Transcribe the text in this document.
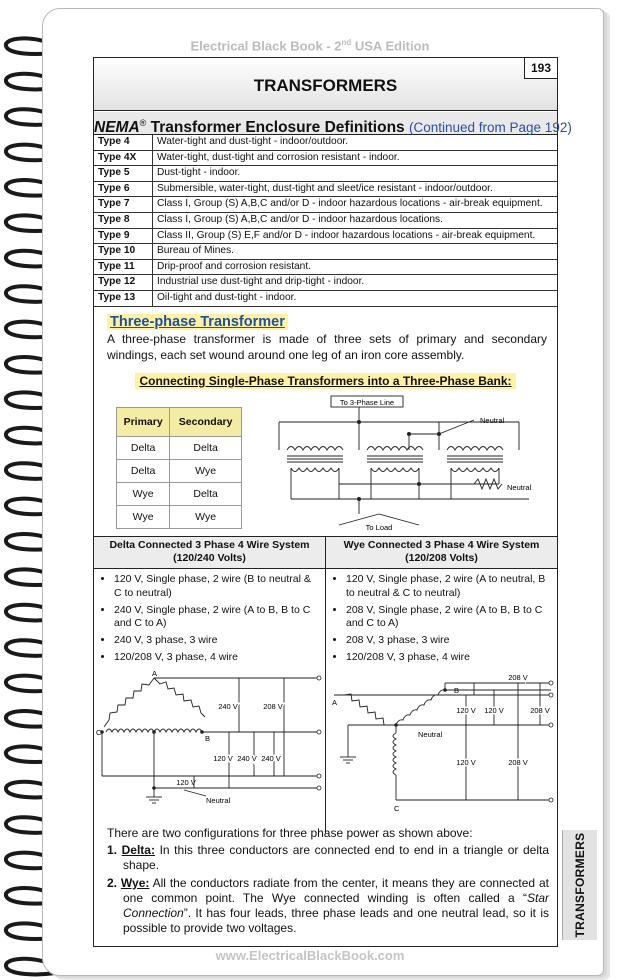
Electrical Black Book - 2nd USA Edition
TRANSFORMERS
TRANSFORMERS
193
NEMA® Transformer Enclosure Definitions (Continued from Page 192)
Type 4	Water-tight and dust-tight - indoor/outdoor.
Type 4X	Water-tight, dust-tight and corrosion resistant - indoor.
Type 5	Dust-tight - indoor.
Type 6	Submersible, water-tight, dust-tight and sleet/ice resistant - indoor/outdoor.
Type 7	Class I, Group (S) A,B,C and/or D - indoor hazardous locations - air-break equipment.
Type 8	Class I, Group (S) A,B,C and/or D - indoor hazardous locations.
Type 9	Class II, Group (S) E,F and/or D - indoor hazardous locations - air-break equipment.
Type 10	Bureau of Mines.
Type 11	Drip-proof and corrosion resistant.
Type 12	Industrial use dust-tight and drip-tight - indoor.
Type 13	Oil-tight and dust-tight - indoor.
Three-phase Transformer
A three-phase transformer is made of three sets of primary and secondary windings, each set wound around one leg of an iron core assembly.
Connecting Single-Phase Transformers into a Three-Phase Bank:
Primary	Secondary
Delta	Delta
Delta	Wye
Wye	Delta
Wye	Wye
To 3-Phase Line
Neutral
Neutral
To Load
Delta Connected 3 Phase 4 Wire System
(120/240 Volts)
• 120 V, Single phase, 2 wire (B to neutral & C to neutral)
• 240 V, Single phase, 2 wire (A to B, B to C and C to A)
• 240 V, 3 phase, 3 wire
• 120/208 V, 3 phase, 4 wire
A
B
C
240 V	208 V
120 V 240 V 240 V
120 V
Neutral
Wye Connected 3 Phase 4 Wire System
(120/208 Volts)
• 120 V, Single phase, 2 wire (A to neutral, B to neutral & C to neutral)
• 208 V, Single phase, 2 wire (A to B, B to C and C to A)
• 208 V, 3 phase, 3 wire
• 120/208 V, 3 phase, 4 wire
A
B
C
208 V
120 V 120 V	208 V
Neutral
120 V	208 V

There are two configurations for three phase power as shown above:

1. Delta: In this three conductors are connected end to end in a triangle or delta shape.
2. Wye: All the conductors radiate from the center, it means they are connected at one common point. The Wye connected winding is often called a “Star Connection”. It has four leads, three phase leads and one neutral lead, so it is possible to provide two voltages.
www.ElectricalBlackBook.com
